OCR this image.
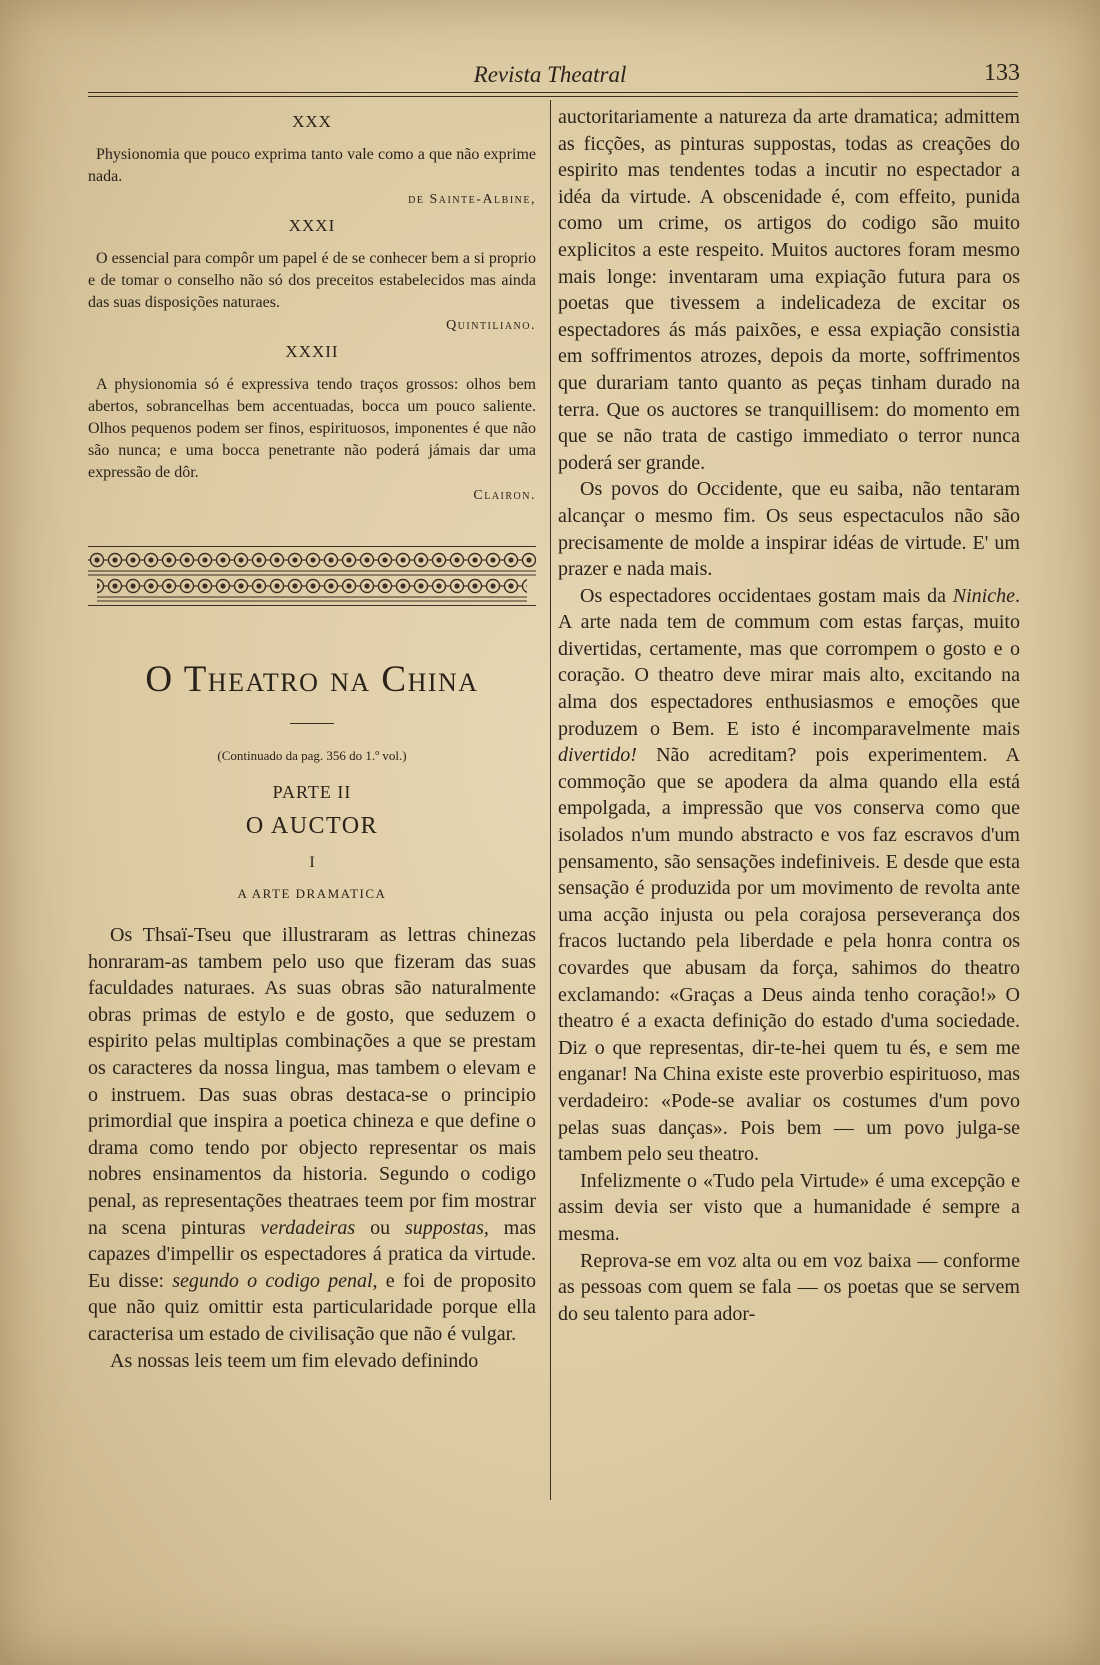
Revista Theatral	133
XXX

Physionomia que pouco exprima tanto vale como a que não exprime nada.

de Sainte-Albine,

XXXI

O essencial para compôr um papel é de se conhecer bem a si proprio e de tomar o conselho não só dos preceitos estabelecidos mas ainda das suas disposições naturaes.

Quintiliano.

XXXII

A physionomia só é expressiva tendo traços grossos: olhos bem abertos, sobrancelhas bem accentuadas, bocca um pouco saliente. Olhos pequenos podem ser finos, espirituosos, imponentes é que não são nunca; e uma bocca penetrante não poderá jámais dar uma expressão de dôr.

Clairon.

O Theatro na China
(Continuado da pag. 356 do 1.º vol.)
PARTE II
O AUCTOR
I
A ARTE DRAMATICA

Os Thsaï-Tseu que illustraram as lettras chinezas honraram-as tambem pelo uso que fizeram das suas faculdades naturaes. As suas obras são naturalmente obras primas de estylo e de gosto, que seduzem o espirito pelas multiplas combinações a que se prestam os caracteres da nossa lingua, mas tambem o elevam e o instruem. Das suas obras destaca-se o principio primordial que inspira a poetica chineza e que define o drama como tendo por objecto representar os mais nobres ensinamentos da historia. Segundo o codigo penal, as representações theatraes teem por fim mostrar na scena pinturas verdadeiras ou suppostas, mas capazes d'impellir os espectadores á pratica da virtude. Eu disse: segundo o codigo penal, e foi de proposito que não quiz omittir esta particularidade porque ella caracterisa um estado de civilisação que não é vulgar.

As nossas leis teem um fim elevado definindo

auctoritariamente a natureza da arte dramatica; admittem as ficções, as pinturas suppostas, todas as creações do espirito mas tendentes todas a incutir no espectador a idéa da virtude. A obscenidade é, com effeito, punida como um crime, os artigos do codigo são muito explicitos a este respeito. Muitos auctores foram mesmo mais longe: inventaram uma expiação futura para os poetas que tivessem a indelicadeza de excitar os espectadores ás más paixões, e essa expiação consistia em soffrimentos atrozes, depois da morte, soffrimentos que durariam tanto quanto as peças tinham durado na terra. Que os auctores se tranquillisem: do momento em que se não trata de castigo immediato o terror nunca poderá ser grande.

Os povos do Occidente, que eu saiba, não tentaram alcançar o mesmo fim. Os seus espectaculos não são precisamente de molde a inspirar idéas de virtude. E' um prazer e nada mais.

Os espectadores occidentaes gostam mais da Niniche. A arte nada tem de commum com estas farças, muito divertidas, certamente, mas que corrompem o gosto e o coração. O theatro deve mirar mais alto, excitando na alma dos espectadores enthusiasmos e emoções que produzem o Bem. E isto é incomparavelmente mais divertido! Não acreditam? pois experimentem. A commoção que se apodera da alma quando ella está empolgada, a impressão que vos conserva como que isolados n'um mundo abstracto e vos faz escravos d'um pensamento, são sensações indefiniveis. E desde que esta sensação é produzida por um movimento de revolta ante uma acção injusta ou pela corajosa perseverança dos fracos luctando pela liberdade e pela honra contra os covardes que abusam da força, sahimos do theatro exclamando: «Graças a Deus ainda tenho coração!» O theatro é a exacta definição do estado d'uma sociedade. Diz o que representas, dir-te-hei quem tu és, e sem me enganar! Na China existe este proverbio espirituoso, mas verdadeiro: «Pode-se avaliar os costumes d'um povo pelas suas danças». Pois bem — um povo julga-se tambem pelo seu theatro.

Infelizmente o «Tudo pela Virtude» é uma excepção e assim devia ser visto que a humanidade é sempre a mesma.

Reprova-se em voz alta ou em voz baixa — conforme as pessoas com quem se fala — os poetas que se servem do seu talento para ador-
